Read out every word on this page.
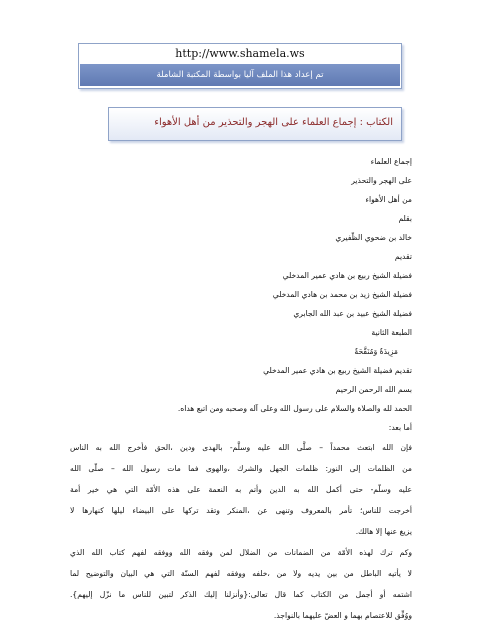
http://www.shamela.ws
تم إعداد هذا الملف آليا بواسطة المكتبة الشاملة
الكتاب : إجماع العلماء على الهجر والتحذير من أهل الأهواء
إجماع العلماء
على الهجر والتحذير
من أهل الأهواء
بقلم
خالد بن ضحوي الظّفيري
تقديم
فضيلة الشيخ ربيع بن هادي عمير المدخلي
فضيلة الشيخ زيد بن محمد بن هادي المدخلي
فضيلة الشيخ عبيد بن عبد الله الجابري
الطبعة الثانية
مَزِيدَةٌ وَمُنَقَّحَةٌ
تقديم فضيلة الشيخ ربيع بن هادي عمير المدخلي
بسم الله الرحمن الرحيم
الحمد لله والصلاة والسلام على رسول الله وعلى آله وصحبه ومن اتبع هداه.
أما بعد:
فإن الله ابتعث محمداً – صلَّى الله عليه وسلَّم- بالهدى ودين ،الحق فأخرج الله به الناس
من الظلمات إلى النور: ظلمات الجهل والشرك ،والهوى فما مات رسول الله – صلّى الله
عليه وسلّم- حتى أكمل الله به الدين وأتم به النعمة على هذه الأمّة التي هي خير أمة
أخرجت للناس؛ تأمر بالمعروف وتنهى عن ،المنكر وتقد تركها على البيضاء ليلها كنهارها لا
يزيغ عنها إلا هالك.
وكم ترك لهذه الأمّة من الضمانات من الضلال لمن وفقه الله ووفقه لفهم كتاب الله الذي
لا يأتيه الباطل من بين يديه ولا من ،خلفه ووفقه لفهم السنّة التي هي البيان والتوضيح لما
اشتمه أو أجمل من الكتاب كما قال تعالى:{وأنزلنا إليك الذكر لتبين للناس ما نزّل إليهم}.
ووُفِّق للاعتصام بهما و العضّ عليهما بالنواجذ.
